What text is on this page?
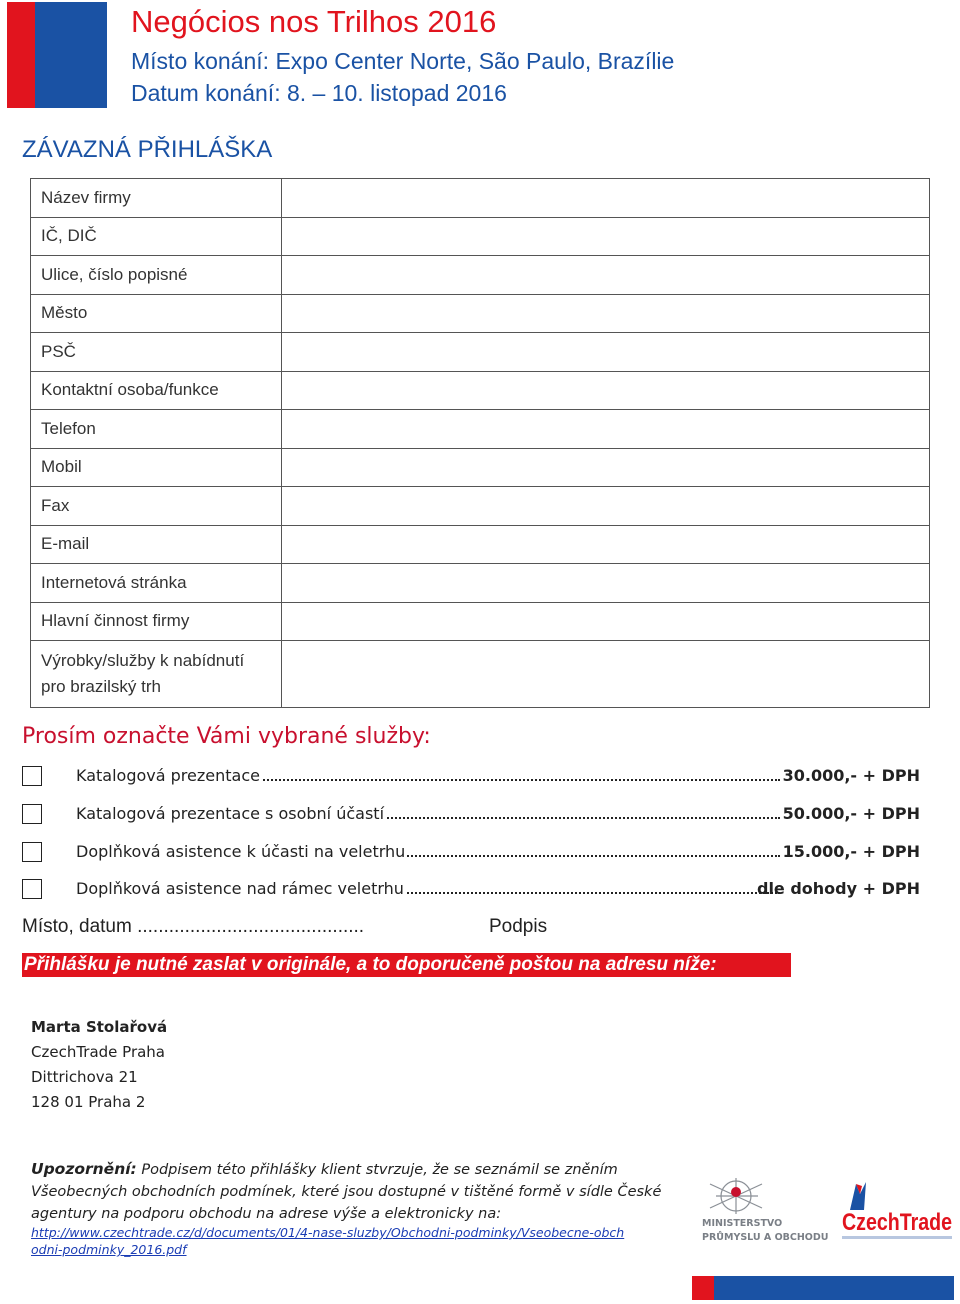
Negócios nos Trilhos 2016
Místo konání: Expo Center Norte, São Paulo, Brazílie
Datum konání: 8. – 10. listopad 2016
ZÁVAZNÁ PŘIHLÁŠKA
Název firmy	
IČ, DIČ	
Ulice, číslo popisné	
Město	
PSČ	
Kontaktní osoba/funkce	
Telefon	
Mobil	
Fax	
E-mail	
Internetová stránka	
Hlavní činnost firmy	
Výrobky/služby k nabídnutí pro brazilský trh	
Prosím označte Vámi vybrané služby:
Katalogová prezentace	30.000,- + DPH
Katalogová prezentace s osobní účastí	50.000,- + DPH
Doplňková asistence k účasti na veletrhu	15.000,- + DPH
Doplňková asistence nad rámec veletrhu	dle dohody + DPH
Místo, datum ...........................................	Podpis
Přihlášku je nutné zaslat v originále, a to doporučeně poštou na adresu níže:
Marta Stolařová
CzechTrade Praha
Dittrichova 21
128 01 Praha 2
Upozornění: Podpisem této přihlášky klient stvrzuje, že se seznámil se zněním Všeobecných obchodních podmínek, které jsou dostupné v tištěné formě v sídle České agentury na podporu obchodu na adrese výše a elektronicky na:
http://www.czechtrade.cz/d/documents/01/4-nase-sluzby/Obchodni-podminky/Vseobecne-obchodni-podminky_2016.pdf
MINISTERSTVO
PRŮMYSLU A OBCHODU
CzechTrade
